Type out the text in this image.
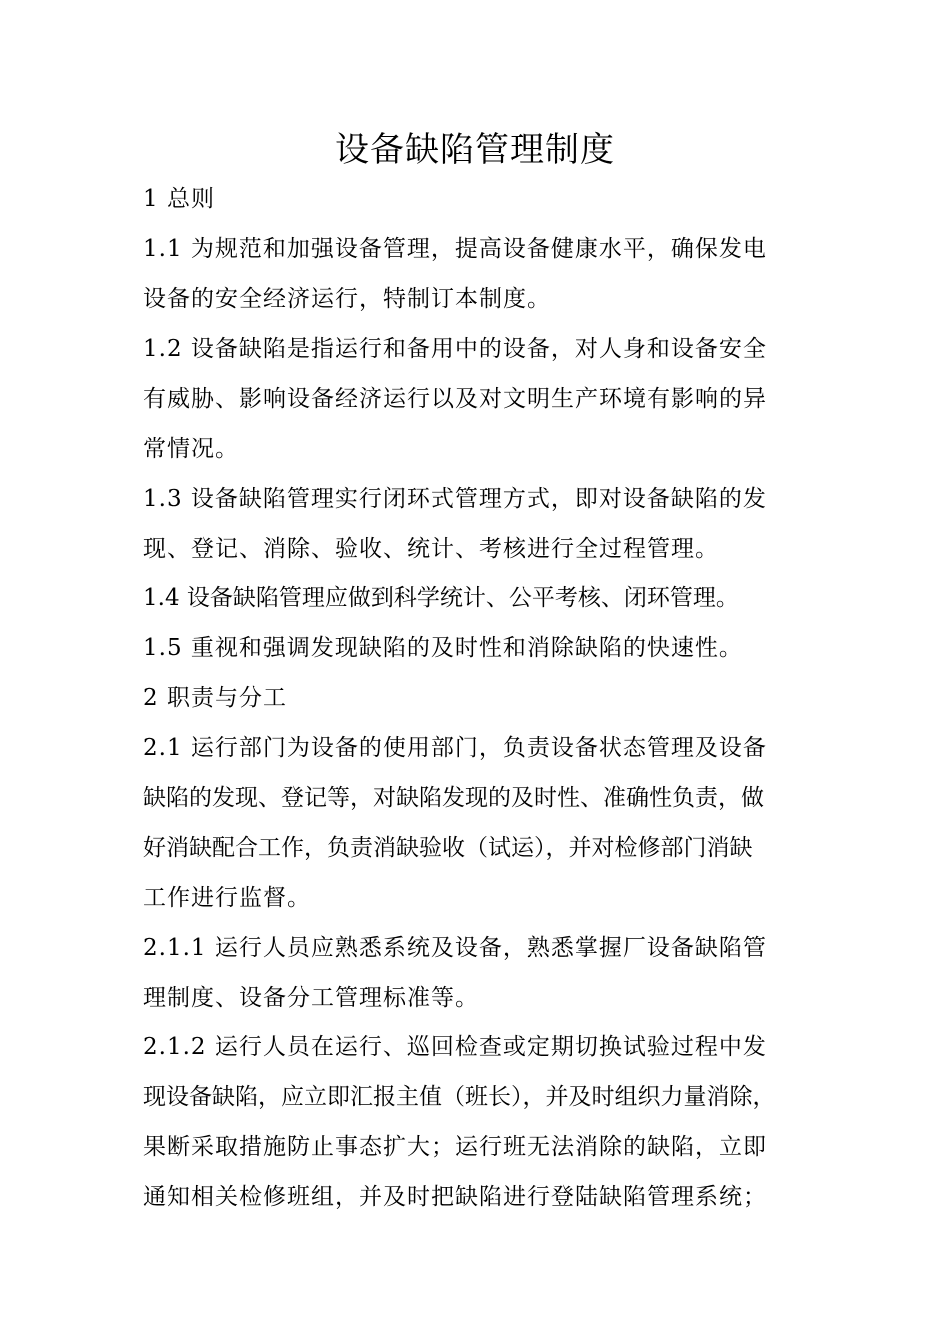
设备缺陷管理制度
1 总则
1.1 为规范和加强设备管理，提高设备健康水平，确保发电
设备的安全经济运行，特制订本制度。
1.2 设备缺陷是指运行和备用中的设备，对人身和设备安全
有威胁、影响设备经济运行以及对文明生产环境有影响的异
常情况。
1.3 设备缺陷管理实行闭环式管理方式，即对设备缺陷的发
现、登记、消除、验收、统计、考核进行全过程管理。
1.4 设备缺陷管理应做到科学统计、公平考核、闭环管理。
1.5 重视和强调发现缺陷的及时性和消除缺陷的快速性。
2 职责与分工
2.1 运行部门为设备的使用部门，负责设备状态管理及设备
缺陷的发现、登记等，对缺陷发现的及时性、准确性负责，做
好消缺配合工作，负责消缺验收（试运），并对检修部门消缺
工作进行监督。
2.1.1 运行人员应熟悉系统及设备，熟悉掌握厂设备缺陷管
理制度、设备分工管理标准等。
2.1.2 运行人员在运行、巡回检查或定期切换试验过程中发
现设备缺陷，应立即汇报主值（班长），并及时组织力量消除，
果断采取措施防止事态扩大；运行班无法消除的缺陷，立即
通知相关检修班组，并及时把缺陷进行登陆缺陷管理系统；
